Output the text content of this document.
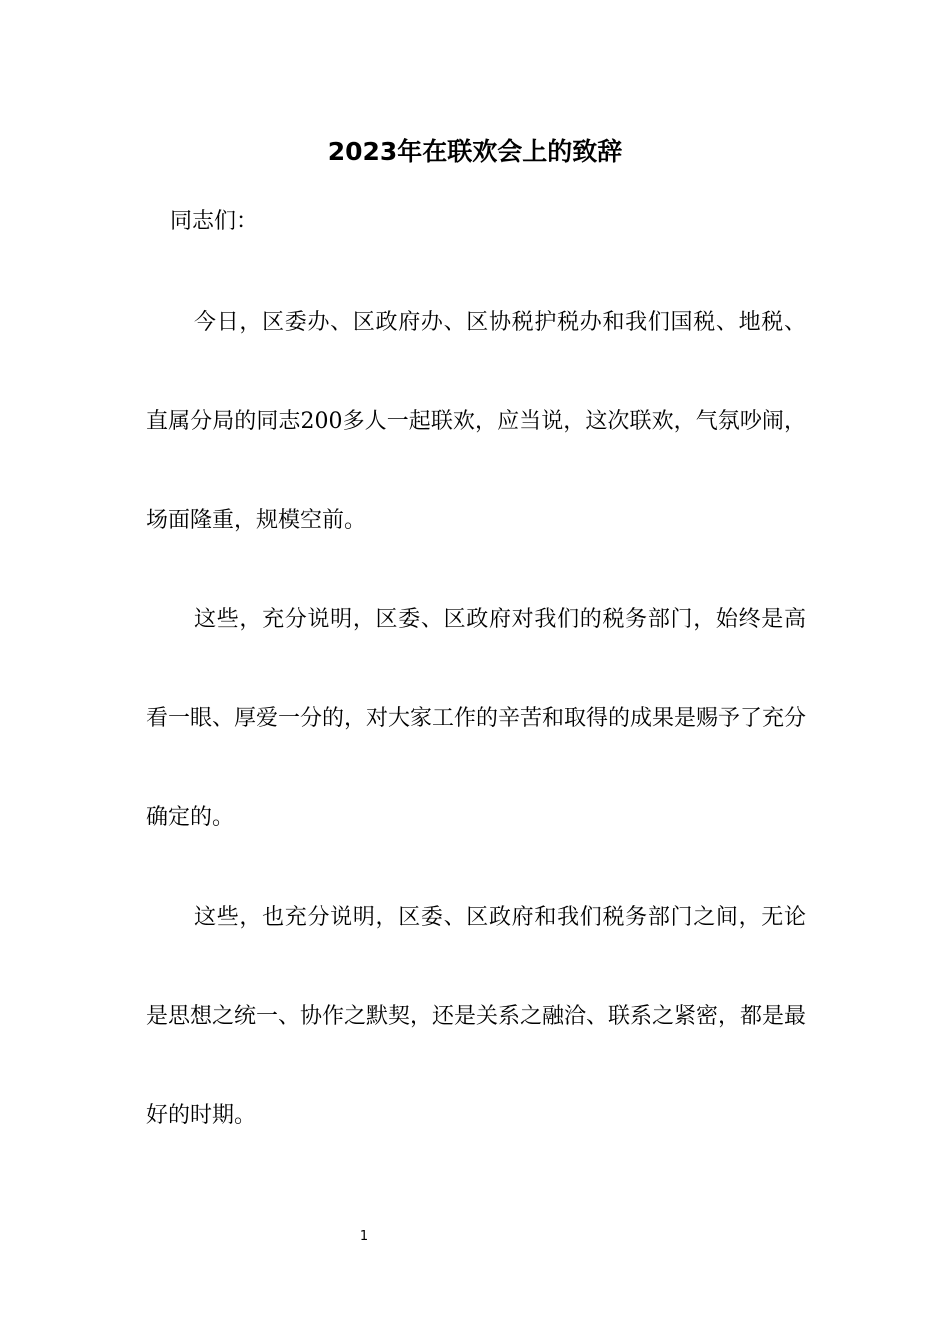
2023年在联欢会上的致辞

同志们：

今日，区委办、区政府办、区协税护税办和我们国税、地税、直属分局的同志200多人一起联欢，应当说，这次联欢，气氛吵闹，场面隆重，规模空前。

这些，充分说明，区委、区政府对我们的税务部门，始终是高看一眼、厚爱一分的，对大家工作的辛苦和取得的成果是赐予了充分确定的。

这些，也充分说明，区委、区政府和我们税务部门之间，无论是思想之统一、协作之默契，还是关系之融洽、联系之紧密，都是最好的时期。

1
